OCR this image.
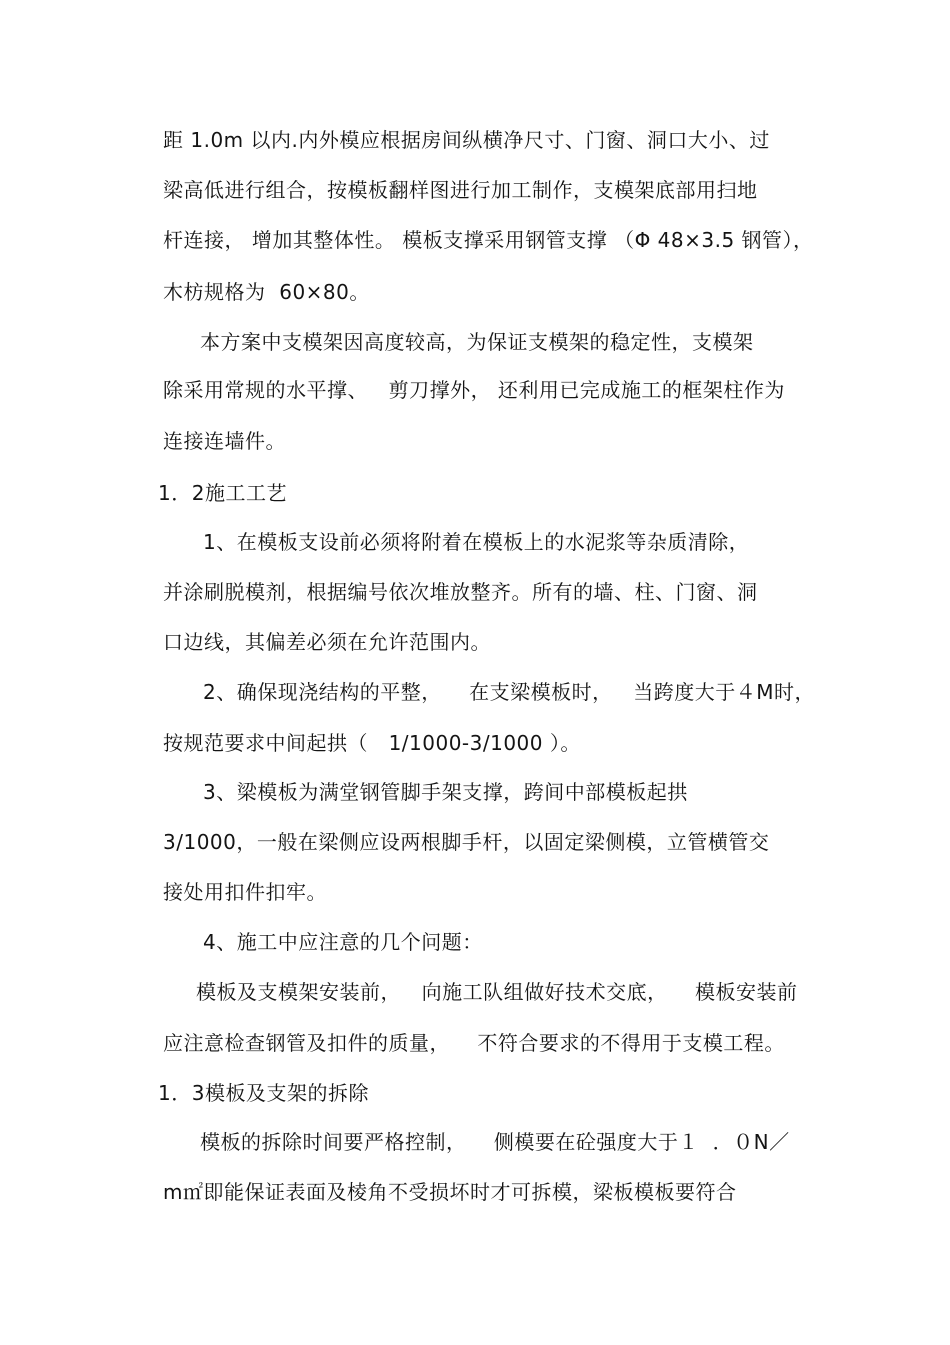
距 1.0m 以内.内外模应根据房间纵横净尺寸、门窗、洞口大小、过
梁高低进行组合，按模板翻样图进行加工制作，支模架底部用扫地
杆连接， 增加其整体性。 模板支撑采用钢管支撑 （Φ 48×3.5 钢管），
木枋规格为  60×80。
本方案中支模架因高度较高，为保证支模架的稳定性，支模架
除采用常规的水平撑、   剪刀撑外， 还利用已完成施工的框架柱作为
连接连墙件。
1．2施工工艺
1、在模板支设前必须将附着在模板上的水泥浆等杂质清除，
并涂刷脱模剂，根据编号依次堆放整齐。所有的墙、柱、门窗、洞
口边线，其偏差必须在允许范围内。
2、确保现浇结构的平整，    在支梁模板时，   当跨度大于４M时，
按规范要求中间起拱（   1/1000-3/1000 ）。
3、梁模板为满堂钢管脚手架支撑，跨间中部模板起拱
3/1000，一般在梁侧应设两根脚手杆，以固定梁侧模，立管横管交
接处用扣件扣牢。
4、施工中应注意的几个问题：
模板及支模架安装前，   向施工队组做好技术交底，    模板安装前
应注意检查钢管及扣件的质量，    不符合要求的不得用于支模工程。
1．3模板及支架的拆除
模板的拆除时间要严格控制，    侧模要在砼强度大于１  ．０N／
m㎡即能保证表面及棱角不受损坏时才可拆模，梁板模板要符合
